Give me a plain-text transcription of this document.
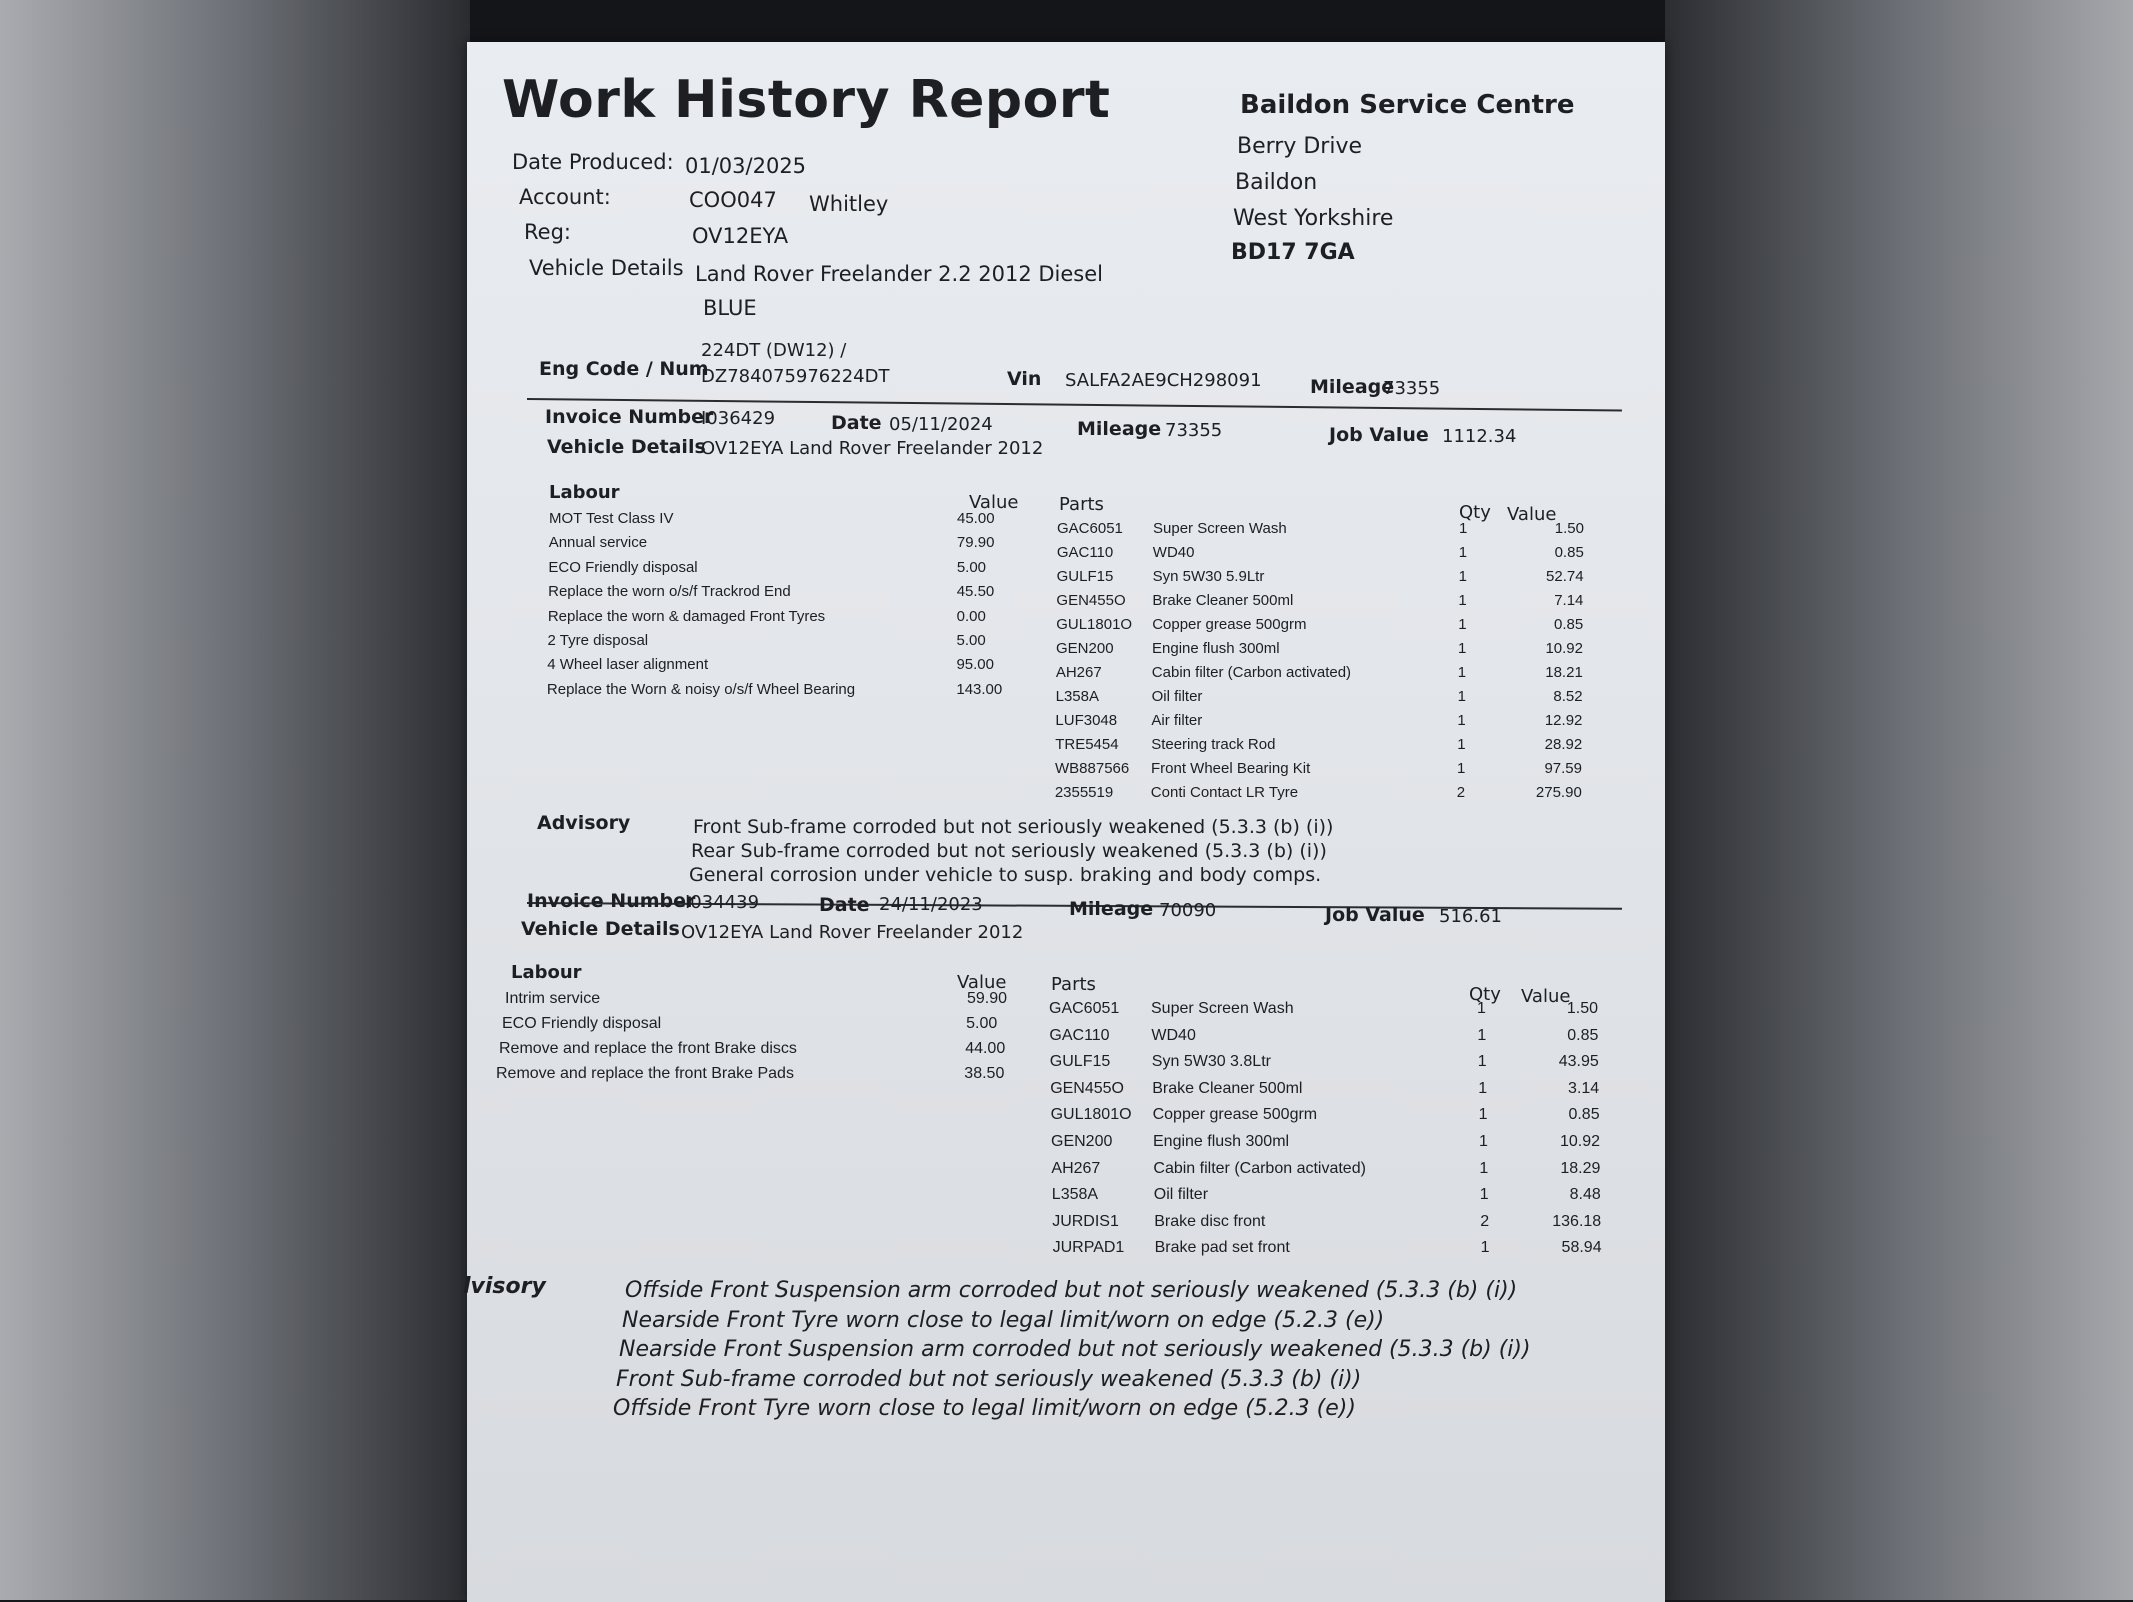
Work History Report
Date Produced: 01/03/2025
Account:	COO047 Whitley
Reg:	OV12EYA
Vehicle Details Land Rover Freelander 2.2 2012 Diesel
BLUE
224DT (DW12) /
DZ784075976224DT
Eng Code / Num	Vin SALFA2AE9CH298091	Mileage
73355
Baildon Service Centre
Berry Drive
Baildon
West Yorkshire
BD17 7GA
Invoice Number
I036429	Date 05/11/2024	Mileage 73355	Job Value 1112.34
Vehicle Details
OV12EYA Land Rover Freelander 2012
Labour	Value Parts	Qty Value
MOT Test Class IV	45.00
Annual service	79.90
ECO Friendly disposal	5.00
Replace the worn o/s/f Trackrod End	45.50
Replace the worn & damaged Front Tyres	0.00
2 Tyre disposal	5.00
4 Wheel laser alignment	95.00
Replace the Worn & noisy o/s/f Wheel Bearing	143.00
GAC6051 Super Screen Wash	1	1.50
GAC110	WD40	1	0.85
GULF15	Syn 5W30 5.9Ltr	1	52.74
GEN455O Brake Cleaner 500ml	1	7.14
GUL1801O Copper grease 500grm	1	0.85
GEN200	Engine flush 300ml	1	10.92
AH267	Cabin filter (Carbon activated)	1	18.21
L358A	Oil filter	1	8.52
LUF3048 Air filter	1	12.92
TRE5454 Steering track Rod	1	28.92
WB887566 Front Wheel Bearing Kit	1	97.59
2355519	Conti Contact LR Tyre	2	275.90
Advisory	Front Sub-frame corroded but not seriously weakened (5.3.3 (b) (i))
Rear Sub-frame corroded but not seriously weakened (5.3.3 (b) (i))
General corrosion under vehicle to susp. braking and body comps.
Invoice Number
I034439	Date 24/11/2023	Mileage 70090	Job Value 516.61
Vehicle Details OV12EYA Land Rover Freelander 2012
Labour	Value Parts	Qty Value
Intrim service	59.90
ECO Friendly disposal	5.00
Remove and replace the front Brake discs	44.00
Remove and replace the front Brake Pads	38.50
GAC6051 Super Screen Wash	1	1.50
GAC110	WD40	1	0.85
GULF15	Syn 5W30 3.8Ltr	1	43.95
GEN455O Brake Cleaner 500ml	1	3.14
GUL1801O Copper grease 500grm	1	0.85
GEN200	Engine flush 300ml	1	10.92
AH267	Cabin filter (Carbon activated)	1	18.29
L358A	Oil filter	1	8.48
JURDIS1 Brake disc front	2	136.18
JURPAD1 Brake pad set front	1	58.94
lvisory	Offside Front Suspension arm corroded but not seriously weakened (5.3.3 (b) (i))
Nearside Front Tyre worn close to legal limit/worn on edge (5.2.3 (e))
Nearside Front Suspension arm corroded but not seriously weakened (5.3.3 (b) (i))
Front Sub-frame corroded but not seriously weakened (5.3.3 (b) (i))
Offside Front Tyre worn close to legal limit/worn on edge (5.2.3 (e))
